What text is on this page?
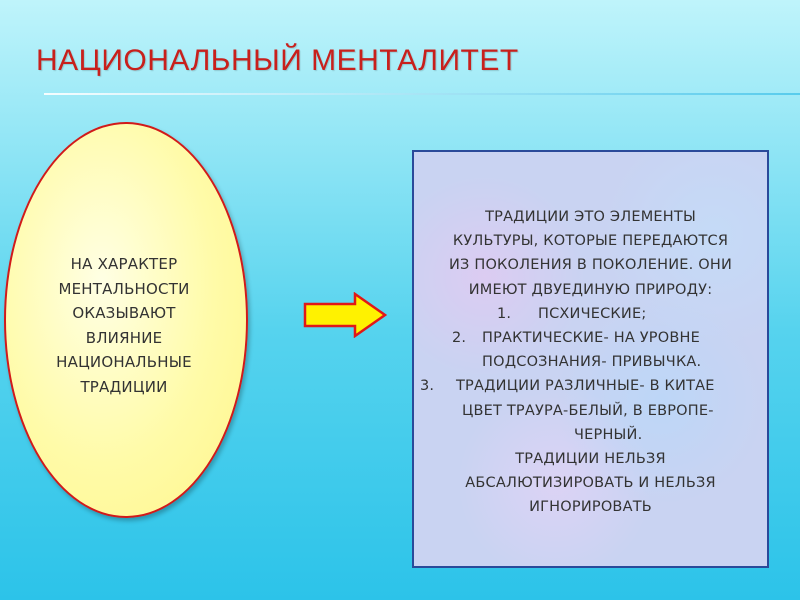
НАЦИОНАЛЬНЫЙ МЕНТАЛИТЕТ
НА ХАРАКТЕР
МЕНТАЛЬНОСТИ
ОКАЗЫВАЮТ
ВЛИЯНИЕ
НАЦИОНАЛЬНЫЕ
ТРАДИЦИИ
ТРАДИЦИИ ЭТО ЭЛЕМЕНТЫ
КУЛЬТУРЫ, КОТОРЫЕ ПЕРЕДАЮТСЯ
ИЗ ПОКОЛЕНИЯ В ПОКОЛЕНИЕ. ОНИ
ИМЕЮТ ДВУЕДИНУЮ ПРИРОДУ:
1.	ПСХИЧЕСКИЕ;
2.	ПРАКТИЧЕСКИЕ- НА УРОВНЕ
ПОДСОЗНАНИЯ- ПРИВЫЧКА.
3.	ТРАДИЦИИ РАЗЛИЧНЫЕ- В КИТАЕ
ЦВЕТ ТРАУРА-БЕЛЫЙ, В ЕВРОПЕ-
ЧЕРНЫЙ.
ТРАДИЦИИ НЕЛЬЗЯ
АБСАЛЮТИЗИРОВАТЬ И НЕЛЬЗЯ
ИГНОРИРОВАТЬ
